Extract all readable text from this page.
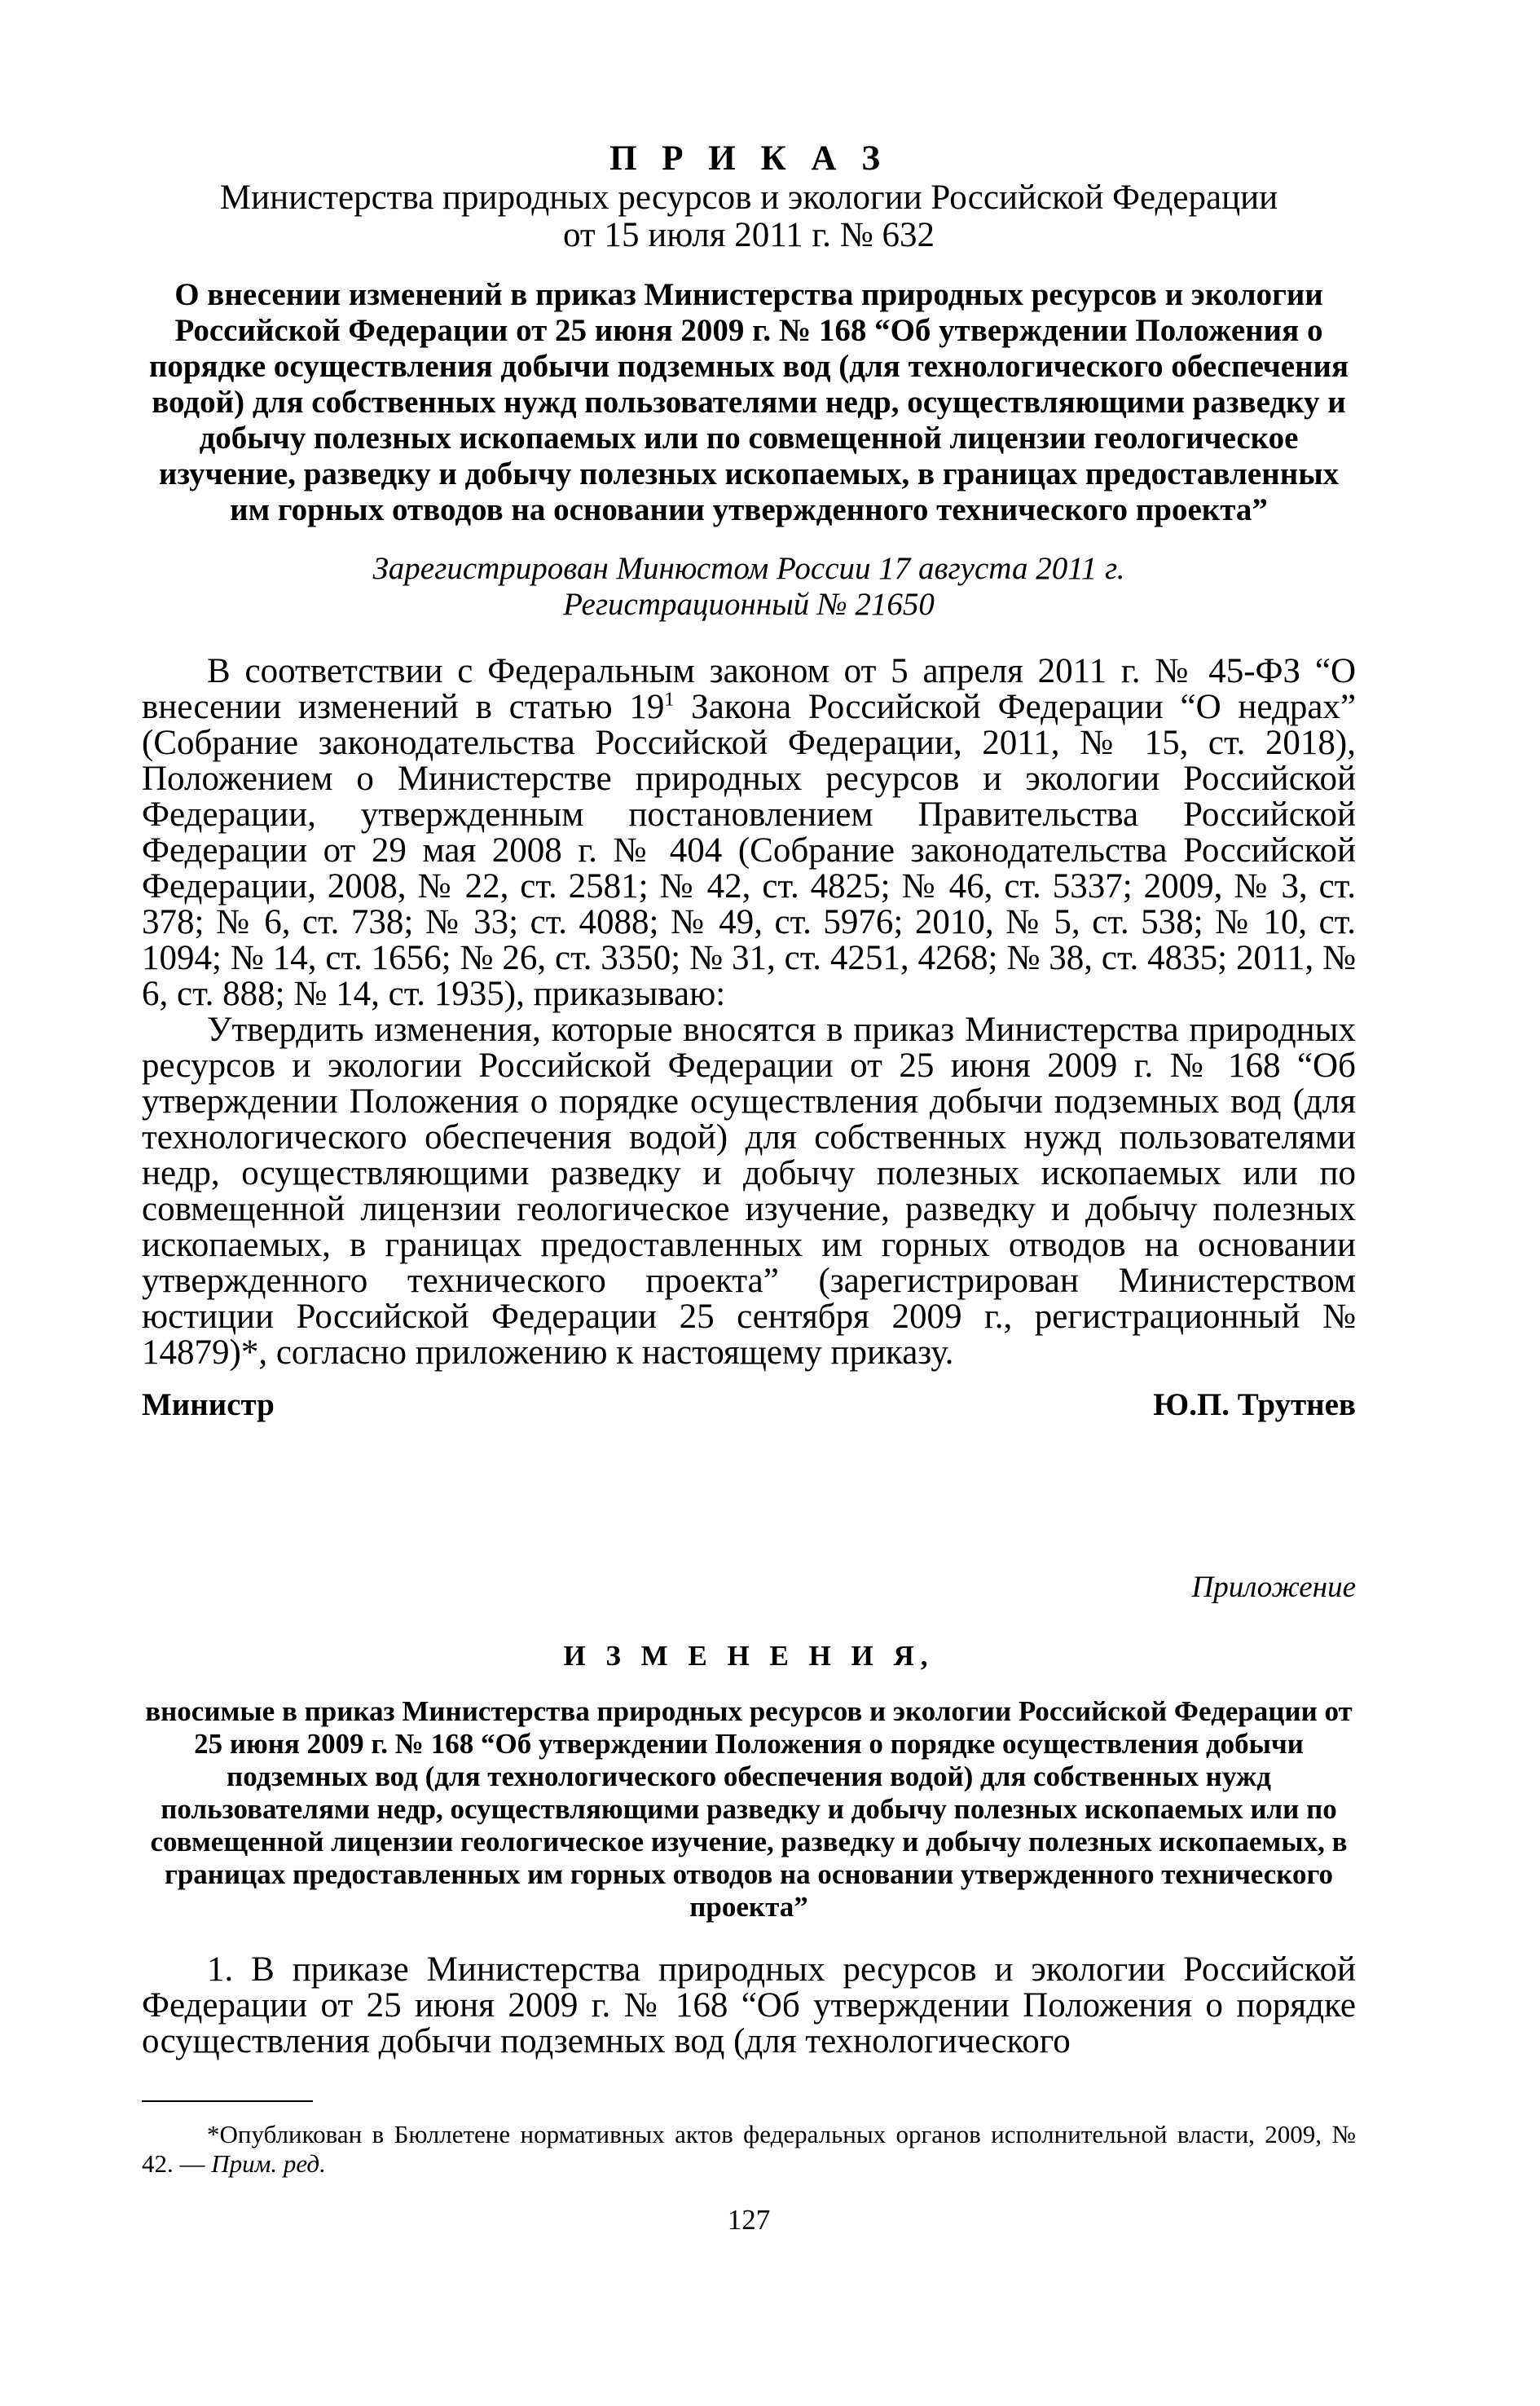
П Р И К А З

Министерства природных ресурсов и экологии Российской Федерации

от 15 июля 2011 г. № 632

О внесении изменений в приказ Министерства природных ресурсов и экологии Российской Федерации от 25 июня 2009 г. № 168 “Об утверждении Положения о порядке осуществления добычи подземных вод (для технологического обеспечения водой) для собственных нужд пользователями недр, осуществляющими разведку и добычу полезных ископаемых или по совмещенной лицензии геологическое изучение, разведку и добычу полезных ископаемых, в границах предоставленных им горных отводов на основании утвержденного технического проекта”

Зарегистрирован Минюстом России 17 августа 2011 г.
Регистрационный № 21650

В соответствии с Федеральным законом от 5 апреля 2011 г. № 45-ФЗ “О внесении изменений в статью $19^1$ Закона Российской Федерации “О недрах” (Собрание законодательства Российской Федерации, 2011, № 15, ст. 2018), Положением о Министерстве природных ресурсов и экологии Российской Федерации, утвержденным постановлением Правительства Российской Федерации от 29 мая 2008 г. № 404 (Собрание законодательства Российской Федерации, 2008, № 22, ст. 2581; № 42, ст. 4825; № 46, ст. 5337; 2009, № 3, ст. 378; № 6, ст. 738; № 33; ст. 4088; № 49, ст. 5976; 2010, № 5, ст. 538; № 10, ст. 1094; № 14, ст. 1656; № 26, ст. 3350; № 31, ст. 4251, 4268; № 38, ст. 4835; 2011, № 6, ст. 888; № 14, ст. 1935), приказываю:

Утвердить изменения, которые вносятся в приказ Министерства природных ресурсов и экологии Российской Федерации от 25 июня 2009 г. № 168 “Об утверждении Положения о порядке осуществления добычи подземных вод (для технологического обеспечения водой) для собственных нужд пользователями недр, осуществляющими разведку и добычу полезных ископаемых или по совмещенной лицензии геологическое изучение, разведку и добычу полезных ископаемых, в границах предоставленных им горных отводов на основании утвержденного технического проекта” (зарегистрирован Министерством юстиции Российской Федерации 25 сентября 2009 г., регистрационный № 14879)*, согласно приложению к настоящему приказу.

Министр	Ю.П. Трутнев
Приложение
И З М Е Н Е Н И Я,

вносимые в приказ Министерства природных ресурсов и экологии Российской Федерации от 25 июня 2009 г. № 168 “Об утверждении Положения о порядке осуществления добычи подземных вод (для технологического обеспечения водой) для собственных нужд пользователями недр, осуществляющими разведку и добычу полезных ископаемых или по совмещенной лицензии геологическое изучение, разведку и добычу полезных ископаемых, в границах предоставленных им горных отводов на основании утвержденного технического проекта”

1. В приказе Министерства природных ресурсов и экологии Российской Федерации от 25 июня 2009 г. № 168 “Об утверждении Положения о порядке осуществления добычи подземных вод (для технологического

*Опубликован в Бюллетене нормативных актов федеральных органов исполнительной власти, 2009, № 42. — Прим. ред.

127
